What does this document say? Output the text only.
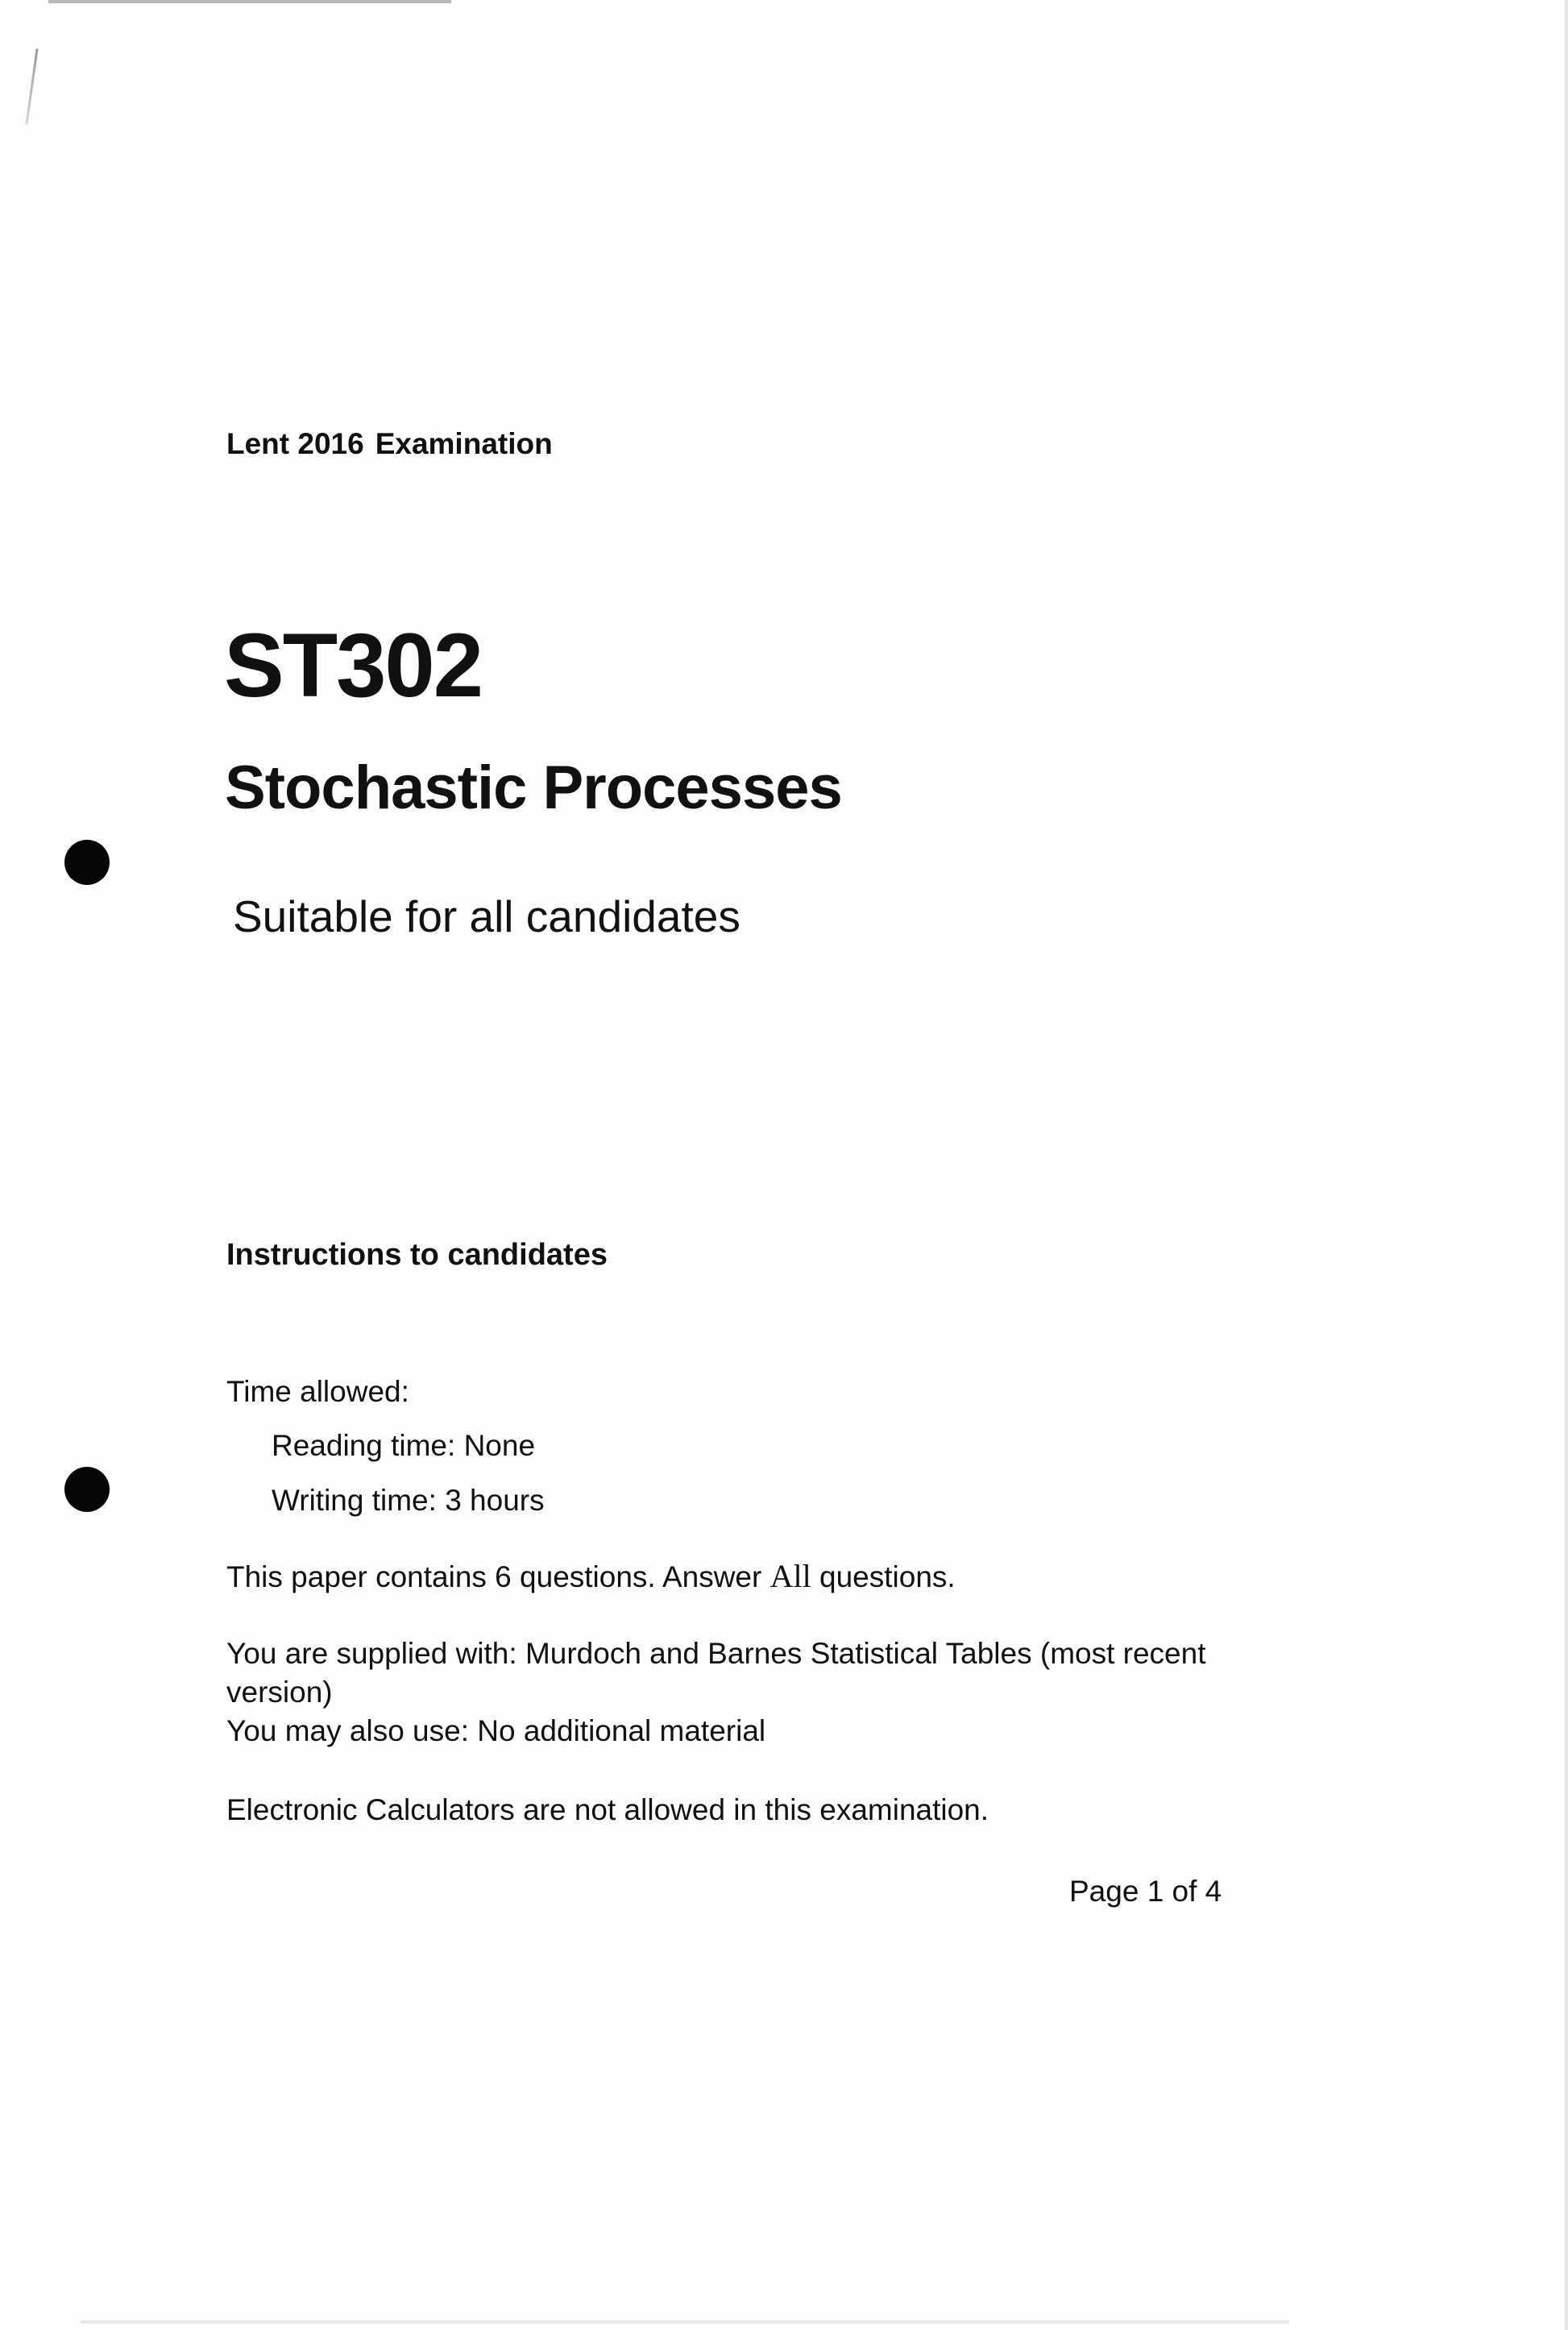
Lent 2016 Examination
ST302
Stochastic Processes
Suitable for all candidates
Instructions to candidates
Time allowed:
Reading time: None
Writing time: 3 hours
This paper contains 6 questions. Answer All questions.
You are supplied with: Murdoch and Barnes Statistical Tables (most recent version)
You may also use: No additional material
Electronic Calculators are not allowed in this examination.
Page 1 of 4
